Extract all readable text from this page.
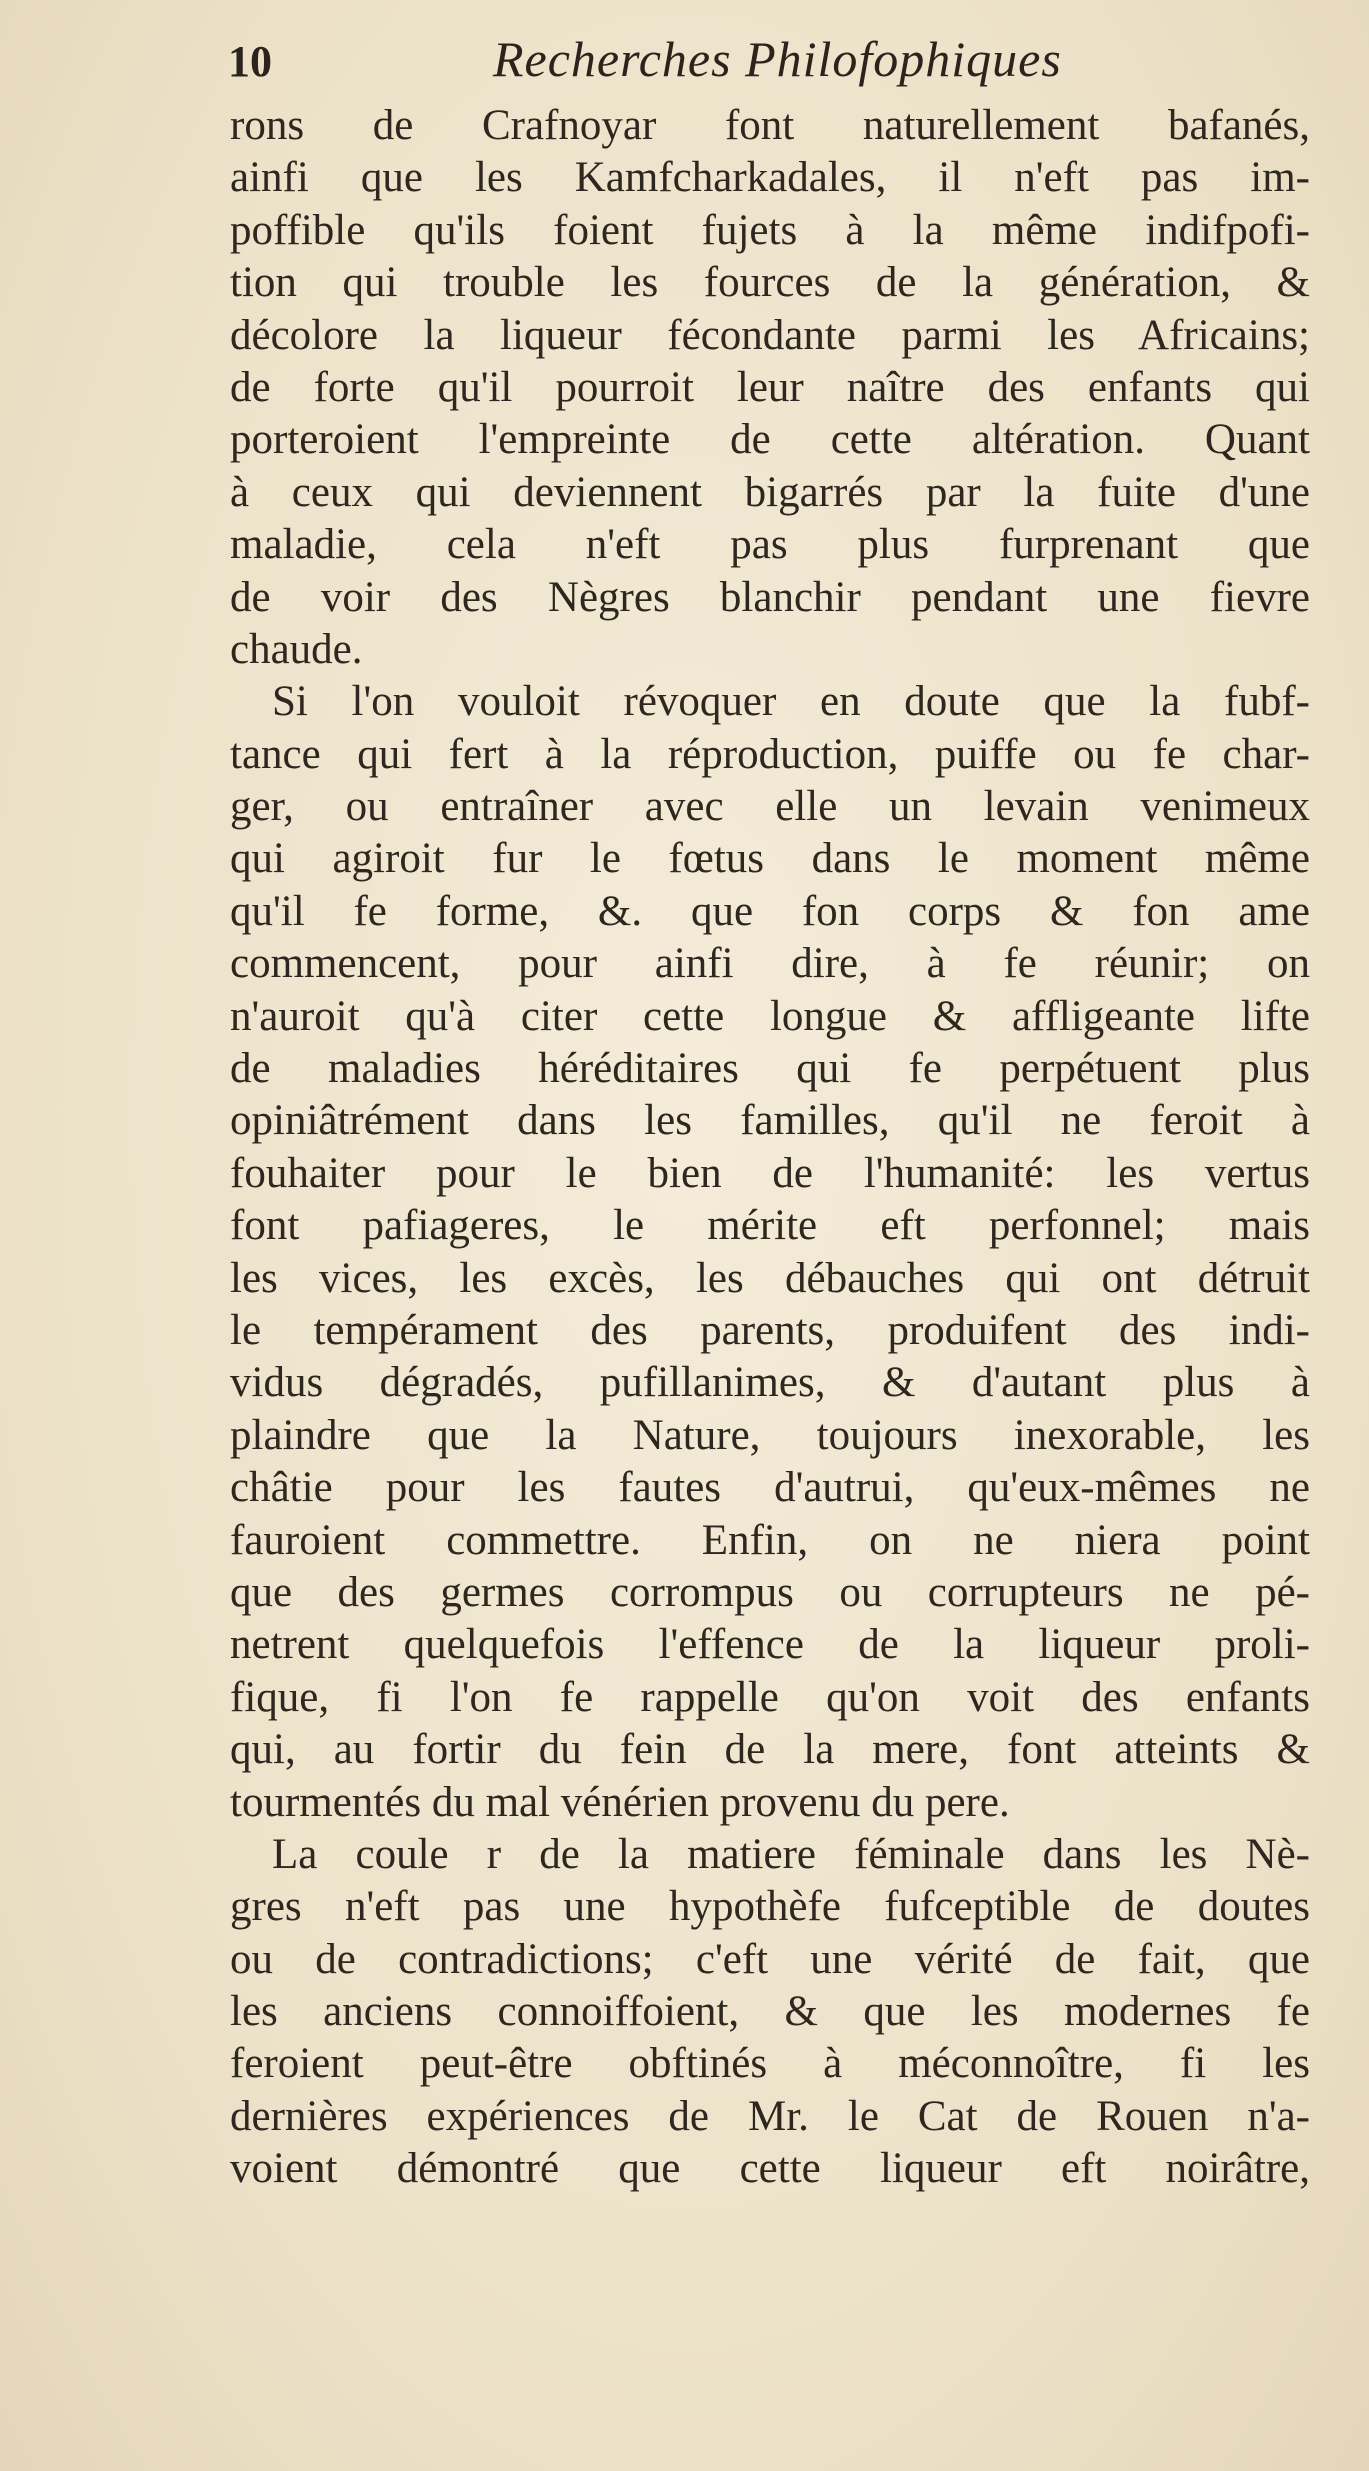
10	Recherches Philofophiques
rons de Crafnoyar font naturellement bafanés,
ainfi que les Kamfcharkadales, il n'eft pas im-
poffible qu'ils foient fujets à la même indifpofi-
tion qui trouble les fources de la génération, &
décolore la liqueur fécondante parmi les Africains;
de forte qu'il pourroit leur naître des enfants qui
porteroient l'empreinte de cette altération. Quant
à ceux qui deviennent bigarrés par la fuite d'une
maladie, cela n'eft pas plus furprenant que
de voir des Nègres blanchir pendant une fievre
chaude.
Si l'on vouloit révoquer en doute que la fubf-
tance qui fert à la réproduction, puiffe ou fe char-
ger, ou entraîner avec elle un levain venimeux
qui agiroit fur le fœtus dans le moment même
qu'il fe forme, &. que fon corps & fon ame
commencent, pour ainfi dire, à fe réunir; on
n'auroit qu'à citer cette longue & affligeante lifte
de maladies héréditaires qui fe perpétuent plus
opiniâtrément dans les familles, qu'il ne feroit à
fouhaiter pour le bien de l'humanité: les vertus
font pafiageres, le mérite eft perfonnel; mais
les vices, les excès, les débauches qui ont détruit
le tempérament des parents, produifent des indi-
vidus dégradés, pufillanimes, & d'autant plus à
plaindre que la Nature, toujours inexorable, les
châtie pour les fautes d'autrui, qu'eux-mêmes ne
fauroient commettre. Enfin, on ne niera point
que des germes corrompus ou corrupteurs ne pé-
netrent quelquefois l'effence de la liqueur proli-
fique, fi l'on fe rappelle qu'on voit des enfants
qui, au fortir du fein de la mere, font atteints &
tourmentés du mal vénérien provenu du pere.
La coule r de la matiere féminale dans les Nè-
gres n'eft pas une hypothèfe fufceptible de doutes
ou de contradictions; c'eft une vérité de fait, que
les anciens connoiffoient, & que les modernes fe
feroient peut-être obftinés à méconnoître, fi les
dernières expériences de Mr. le Cat de Rouen n'a-
voient démontré que cette liqueur eft noirâtre,
